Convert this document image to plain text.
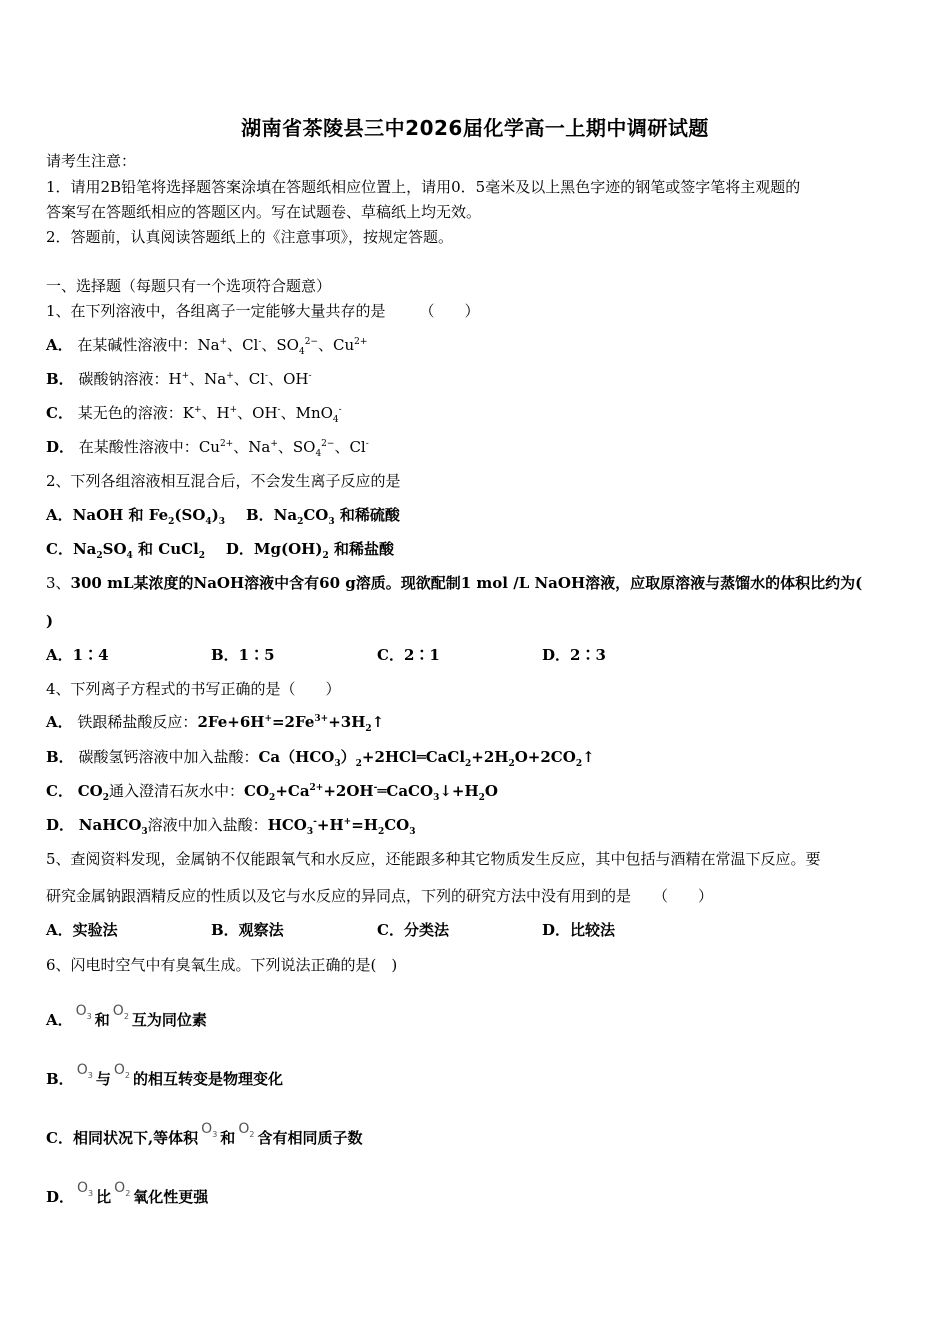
湖南省茶陵县三中2026届化学高一上期中调研试题
请考生注意：
1．请用2B铅笔将选择题答案涂填在答题纸相应位置上，请用0．5毫米及以上黑色字迹的钢笔或签字笔将主观题的
答案写在答题纸相应的答题区内。写在试题卷、草稿纸上均无效。
2．答题前，认真阅读答题纸上的《注意事项》，按规定答题。
一、选择题（每题只有一个选项符合题意）
1、在下列溶液中，各组离子一定能够大量共存的是 （　　）
A． 在某碱性溶液中：Na+、Cl-、$SO_4^{2-}$、$Cu^{2+}$
B． 碳酸钠溶液：H+、Na+、Cl-、OH-
C． 某无色的溶液：K+、H+、OH-、MnO$_4$-
D． 在某酸性溶液中：$Cu^{2+}$、Na+、$SO_4^{2-}$、Cl-
2、下列各组溶液相互混合后，不会发生离子反应的是
A．NaOH 和 $Fe_2(SO_4)_3$    B．$Na_2CO_3$ 和稀硫酸
C．$Na_2SO_4$ 和 CuCl$_2$    D．$Mg(OH)_2$ 和稀盐酸
3、300 mL某浓度的NaOH溶液中含有60 g溶质。现欲配制1 mol /L NaOH溶液，应取原溶液与蒸馏水的体积比约为(
)
A．1∶4	B．1∶5	C．2∶1	D．2∶3
4、下列离子方程式的书写正确的是（　　）
A． 铁跟稀盐酸反应：$2Fe+6H^+=2Fe^{3+}+3H_2↑$
B． 碳酸氢钙溶液中加入盐酸：$Ca(HCO_3)_2+2HCl═CaCl_2+2H_2O+2CO_2↑$
C． $CO_2$通入澄清石灰水中：$CO_2+Ca^{2+}+2OH^-═CaCO_3↓+H_2O$
D． NaHCO$_3$溶液中加入盐酸：$HCO_3^-+H^+=H_2CO_3$
5、查阅资料发现，金属钠不仅能跟氧气和水反应，还能跟多种其它物质发生反应，其中包括与酒精在常温下反应。要
研究金属钠跟酒精反应的性质以及它与水反应的异同点，下列的研究方法中没有用到的是 （　　）
A．实验法	B．观察法	C．分类法	D．比较法
6、闪电时空气中有臭氧生成。下列说法正确的是(　)
A． $O_3$ 和 $O_2$ 互为同位素
B． $O_3$ 与 $O_2$ 的相互转变是物理变化
C．相同状况下,等体积 $O_3$ 和 $O_2$ 含有相同质子数
D． $O_3$ 比 $O_2$ 氧化性更强
